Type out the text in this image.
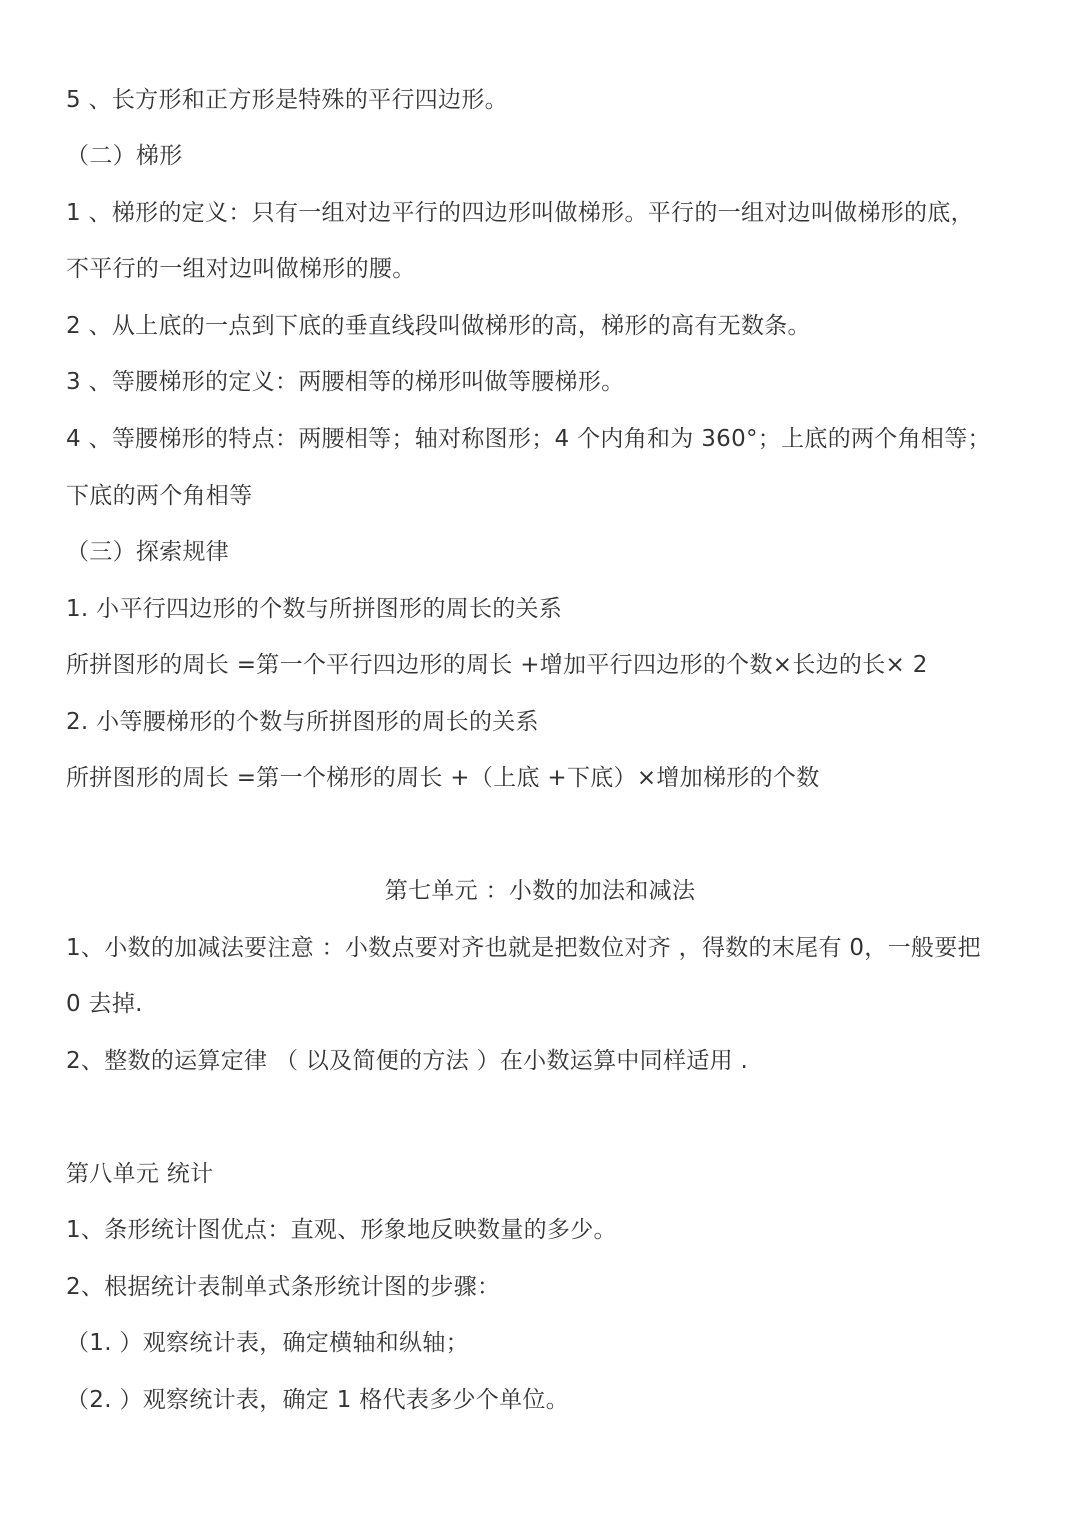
5 、长方形和正方形是特殊的平行四边形。
（二）梯形
1 、梯形的定义：只有一组对边平行的四边形叫做梯形。平行的一组对边叫做梯形的底，
不平行的一组对边叫做梯形的腰。
2 、从上底的一点到下底的垂直线段叫做梯形的高，梯形的高有无数条。
3 、等腰梯形的定义：两腰相等的梯形叫做等腰梯形。
4 、等腰梯形的特点：两腰相等；轴对称图形；4 个内角和为 360°；上底的两个角相等；
下底的两个角相等
（三）探索规律
1. 小平行四边形的个数与所拼图形的周长的关系
所拼图形的周长 =第一个平行四边形的周长 +增加平行四边形的个数×长边的长× 2
2. 小等腰梯形的个数与所拼图形的周长的关系
所拼图形的周长 =第一个梯形的周长 +（上底 +下底）×增加梯形的个数
第七单元 ：小数的加法和减法
1、小数的加减法要注意 ：小数点要对齐也就是把数位对齐 ，得数的末尾有 0，一般要把
0 去掉.
2、整数的运算定律 （ 以及简便的方法 ）在小数运算中同样适用 .
第八单元 统计
1、条形统计图优点：直观、形象地反映数量的多少。
2、根据统计表制单式条形统计图的步骤：
（1. ）观察统计表，确定横轴和纵轴；
（2. ）观察统计表，确定 1 格代表多少个单位。
